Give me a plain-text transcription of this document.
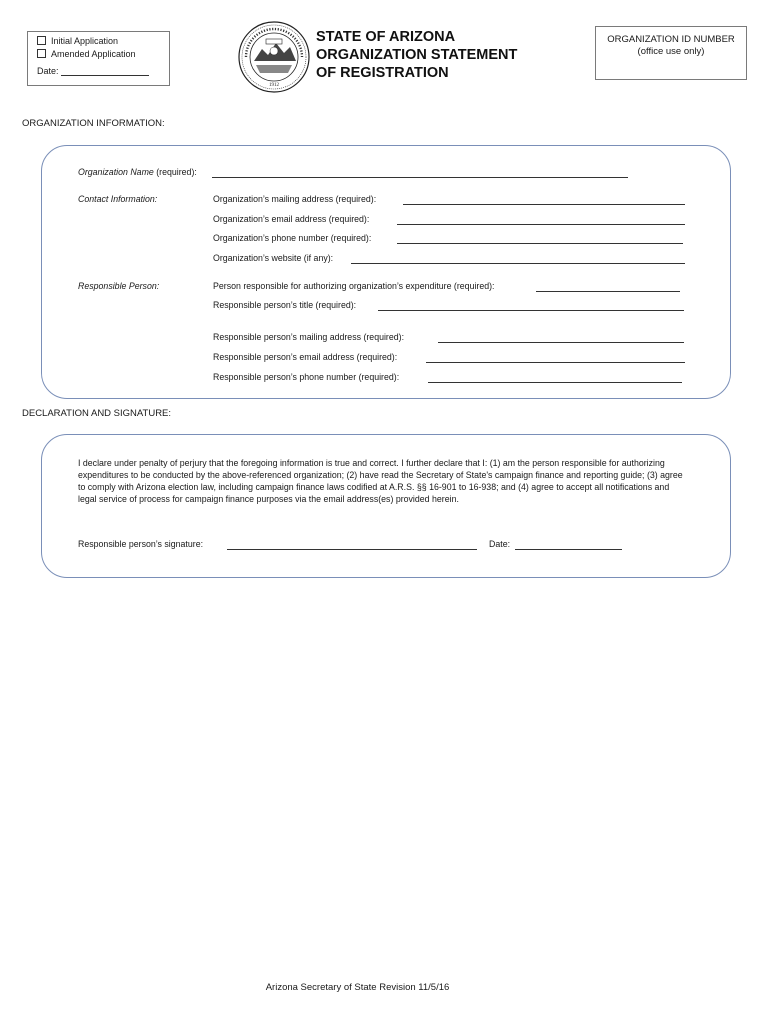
Initial Application
Amended Application
Date:
1912
STATE OF ARIZONA
ORGANIZATION STATEMENT
OF REGISTRATION
ORGANIZATION ID NUMBER
(office use only)
ORGANIZATION INFORMATION:
Organization Name (required):
Contact Information:	Organization’s mailing address (required):
Organization’s email address (required):
Organization’s phone number (required):
Organization’s website (if any):
Responsible Person:	Person responsible for authorizing organization’s expenditure (required):
Responsible person’s title (required):
Responsible person’s mailing address (required):
Responsible person’s email address (required):
Responsible person’s phone number (required):
DECLARATION AND SIGNATURE:
I declare under penalty of perjury that the foregoing information is true and correct. I further declare that I: (1) am the person responsible for authorizing expenditures to be conducted by the above-referenced organization; (2) have read the Secretary of State's campaign finance and reporting guide; (3) agree to comply with Arizona election law, including campaign finance laws codified at A.R.S. §§ 16-901 to 16-938; and (4) agree to accept all notifications and legal service of process for campaign finance purposes via the email address(es) provided herein.
Responsible person’s signature:	Date:
Arizona Secretary of State Revision 11/5/16
